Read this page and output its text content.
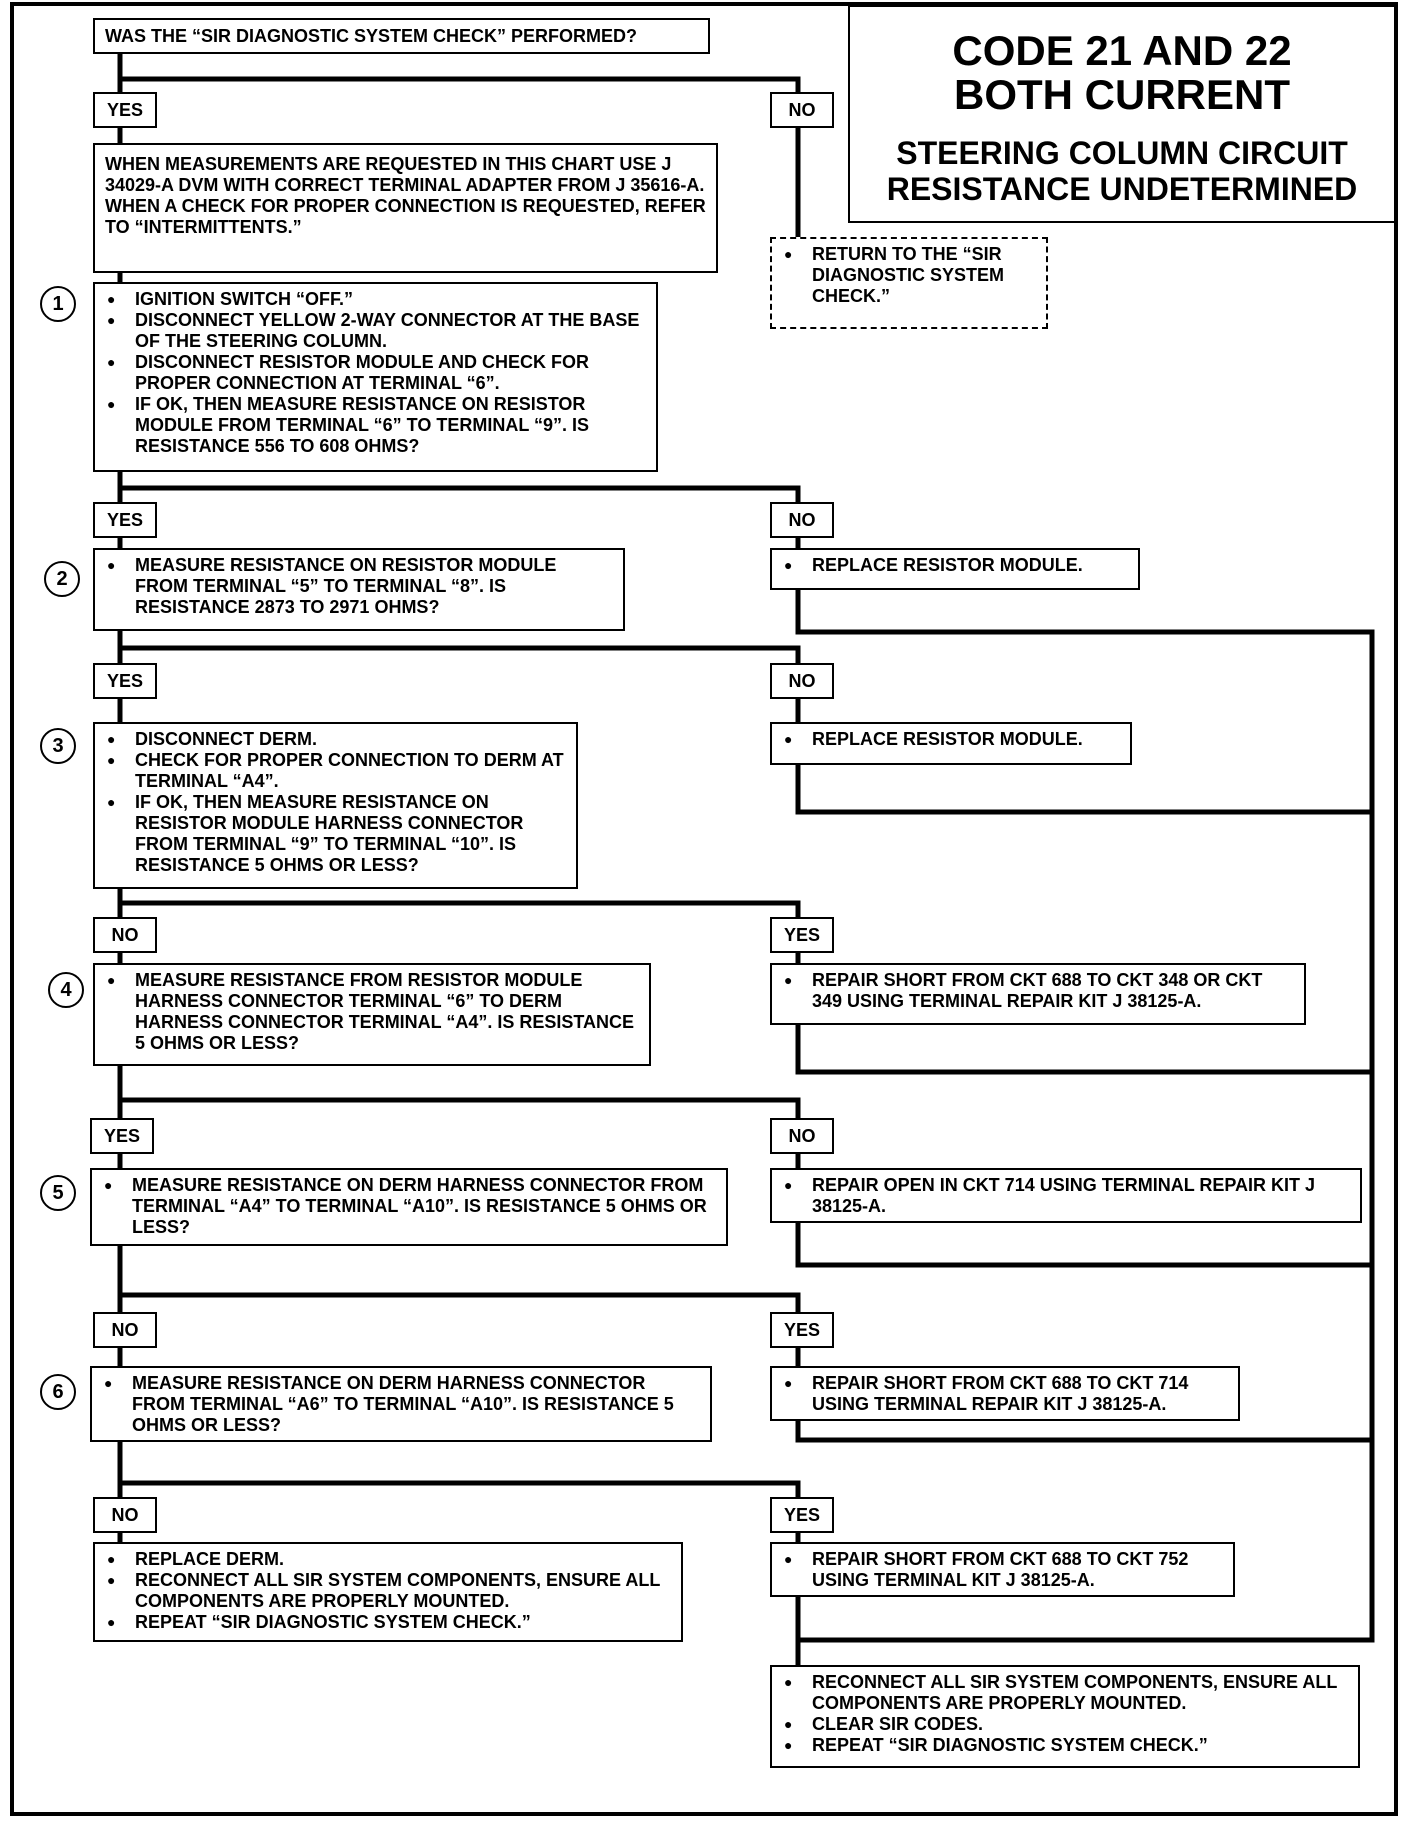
CODE 21 AND 22
BOTH CURRENT
STEERING COLUMN CIRCUIT
RESISTANCE UNDETERMINED
WAS THE “SIR DIAGNOSTIC SYSTEM CHECK” PERFORMED?
YES	NO
WHEN MEASUREMENTS ARE REQUESTED IN THIS CHART USE J 34029-A DVM WITH CORRECT TERMINAL ADAPTER FROM J 35616-A. WHEN A CHECK FOR PROPER CONNECTION IS REQUESTED, REFER TO “INTERMITTENTS.”
● RETURN TO THE “SIR DIAGNOSTIC SYSTEM CHECK.”
1	● IGNITION SWITCH “OFF.”
● DISCONNECT YELLOW 2-WAY CONNECTOR AT THE BASE OF THE STEERING COLUMN.
● DISCONNECT RESISTOR MODULE AND CHECK FOR PROPER CONNECTION AT TERMINAL “6”.
● IF OK, THEN MEASURE RESISTANCE ON RESISTOR MODULE FROM TERMINAL “6” TO TERMINAL “9”. IS RESISTANCE 556 TO 608 OHMS?
YES	NO
2
● MEASURE RESISTANCE ON RESISTOR MODULE FROM TERMINAL “5” TO TERMINAL “8”. IS RESISTANCE 2873 TO 2971 OHMS?
● REPLACE RESISTOR MODULE.
YES	NO
3	● DISCONNECT DERM.
● CHECK FOR PROPER CONNECTION TO DERM AT TERMINAL “A4”.
● IF OK, THEN MEASURE RESISTANCE ON RESISTOR MODULE HARNESS CONNECTOR FROM TERMINAL “9” TO TERMINAL “10”. IS RESISTANCE 5 OHMS OR LESS?
● REPLACE RESISTOR MODULE.
NO	YES
4	● MEASURE RESISTANCE FROM RESISTOR MODULE HARNESS CONNECTOR TERMINAL “6” TO DERM HARNESS CONNECTOR TERMINAL “A4”. IS RESISTANCE 5 OHMS OR LESS?
● REPAIR SHORT FROM CKT 688 TO CKT 348 OR CKT 349 USING TERMINAL REPAIR KIT J 38125-A.
YES	NO
5	● MEASURE RESISTANCE ON DERM HARNESS CONNECTOR FROM TERMINAL “A4” TO TERMINAL “A10”. IS RESISTANCE 5 OHMS OR LESS?
● REPAIR OPEN IN CKT 714 USING TERMINAL REPAIR KIT J 38125-A.
NO	YES
6	● MEASURE RESISTANCE ON DERM HARNESS CONNECTOR FROM TERMINAL “A6” TO TERMINAL “A10”. IS RESISTANCE 5 OHMS OR LESS?
● REPAIR SHORT FROM CKT 688 TO CKT 714 USING TERMINAL REPAIR KIT J 38125-A.
NO	YES
● REPLACE DERM.
● RECONNECT ALL SIR SYSTEM COMPONENTS, ENSURE ALL COMPONENTS ARE PROPERLY MOUNTED.
● REPEAT “SIR DIAGNOSTIC SYSTEM CHECK.”
● REPAIR SHORT FROM CKT 688 TO CKT 752 USING TERMINAL KIT J 38125-A.
● RECONNECT ALL SIR SYSTEM COMPONENTS, ENSURE ALL COMPONENTS ARE PROPERLY MOUNTED.
● CLEAR SIR CODES.
● REPEAT “SIR DIAGNOSTIC SYSTEM CHECK.”
